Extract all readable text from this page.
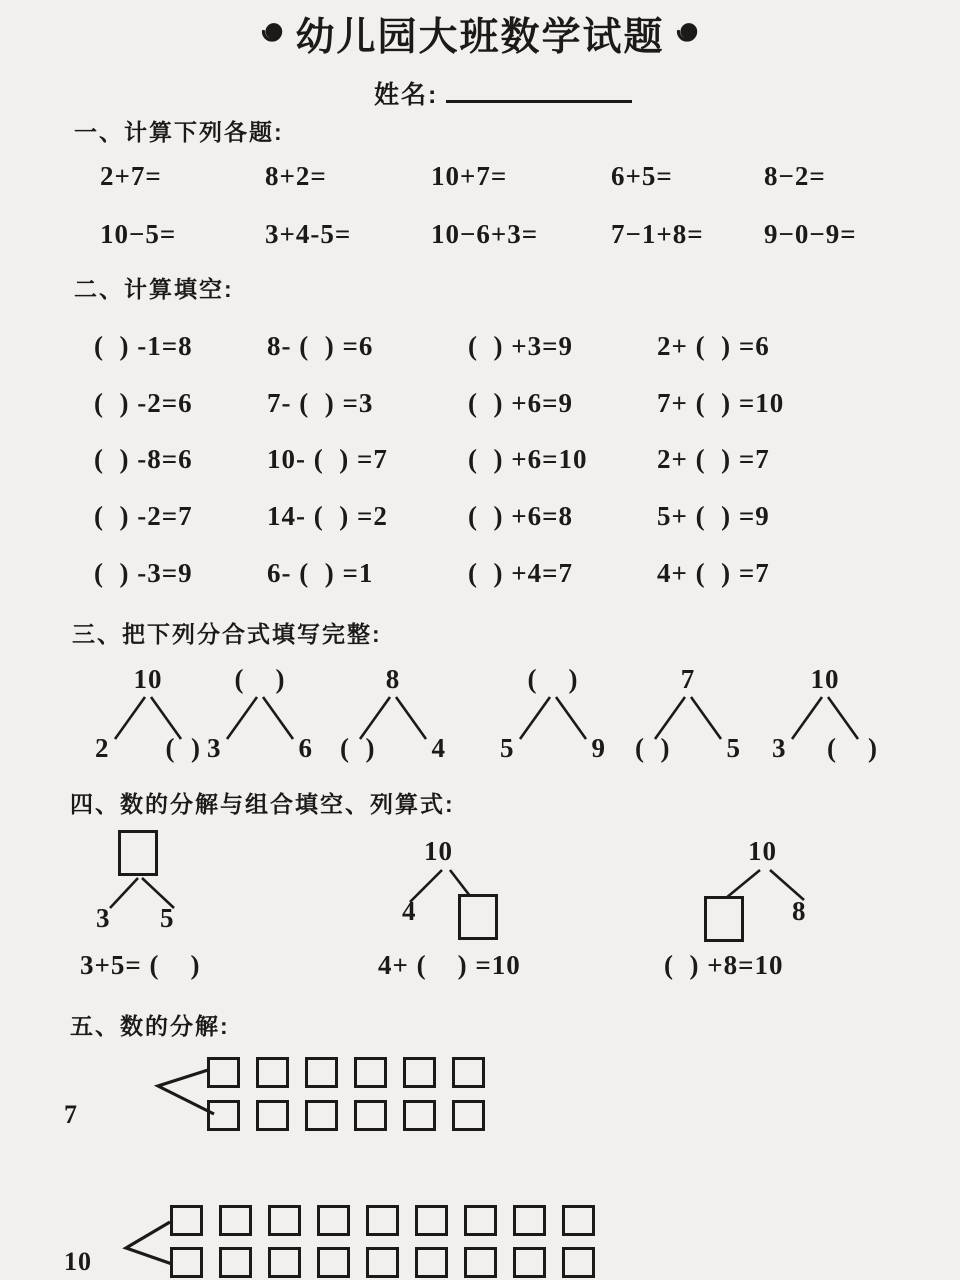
幼儿园大班数学试题
姓名:
一、计算下列各题:
2+7=	8+2=	10+7=	6+5=	8−2=
10−5=	3+4-5=	10−6+3=	7−1+8=	9−0−9=
二、计算填空:
(  ) -1=8	8- (  ) =6	(  ) +3=9	2+ (  ) =6
(  ) -2=6	7- (  ) =3	(  ) +6=9	7+ (  ) =10
(  ) -8=6	10- (  ) =7	(  ) +6=10	2+ (  ) =7
(  ) -2=7	14- (  ) =2	(  ) +6=8	5+ (  ) =9
(  ) -3=9	6- (  ) =1	(  ) +4=7	4+ (  ) =7
三、把下列分合式填写完整:
10
2 (  )
(    )
3	6
8
(  ) 4
(    )
5	9
7
(  ) 5
10
3 (    )
四、数的分解与组合填空、列算式:
3 5
10
4
10
8
3+5= (    )	4+ (    ) =10	(  ) +8=10
五、数的分解:
7
10
